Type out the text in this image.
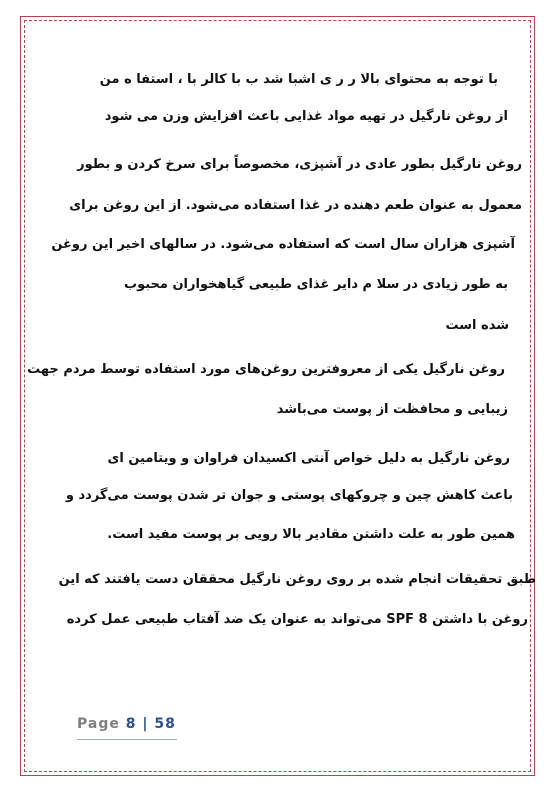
با توجه به محتوای بالا ر ر ی اشبا شد ب با کالر با ، استفا ه من

از روغن نارگیل در تهیه مواد غذایی باعث افزایش وزن می شود

روغن نارگیل بطور عادی در آشپزی، مخصوصاً برای سرخ کردن و بطور

معمول به عنوان طعم دهنده در غذا استفاده می‌شود. از این روغن برای

آشپزی هزاران سال است که استفاده می‌شود. در سالهای اخیر این روغن

به طور زیادی در سلا م دایر غذای طبیعی گیاهخواران محبوب

شده است

روغن نارگیل یکی از معروفترین روغن‌های مورد استفاده توسط مردم جهت

زیبایی و محافظت از پوست می‌باشد

روغن نارگیل به دلیل خواص آنتی اکسیدان فراوان و ویتامین ای

باعث کاهش چین و چروکهای پوستی و جوان تر شدن پوست می‌گردد و

همین طور به علت داشتن مقادیر بالا رویی بر پوست مفید است.

طبق تحقیقات انجام شده بر روی روغن نارگیل محققان دست یافتند که این

روغن با داشتن SPF 8 می‌تواند به عنوان یک ضد آفتاب طبیعی عمل کرده

Page 8 | 58
